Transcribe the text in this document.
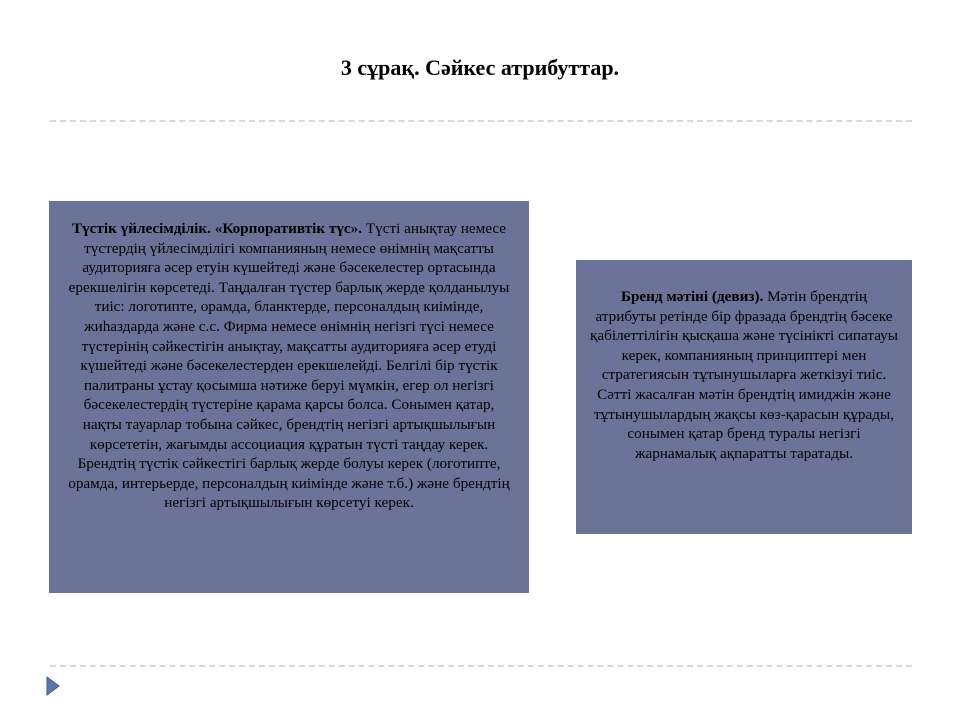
3 сұрақ. Сәйкес атрибуттар.

Түстік үйлесімділік. «Корпоративтік түс». Түсті анықтау немесе түстердің үйлесімділігі компанияның немесе өнімнің мақсатты аудиторияға әсер етуін күшейтеді және бәсекелестер ортасында ерекшелігін көрсетеді. Таңдалған түстер барлық жерде қолданылуы тиіс: логотипте, орамда, бланктерде, персоналдың киімінде, жиһаздарда және с.с. Фирма немесе өнімнің негізгі түсі немесе түстерінің сәйкестігін анықтау, мақсатты аудиторияға әсер етуді күшейтеді және бәсекелестерден ерекшелейді. Белгілі бір түстік палитраны ұстау қосымша нәтиже беруі мүмкін, егер ол негізгі бәсекелестердің түстеріне қарама қарсы болса. Сонымен қатар, нақты тауарлар тобына сәйкес, брендтің негізгі артықшылығын көрсететін, жағымды ассоциация құратын түсті таңдау керек. Брендтің түстік сәйкестігі барлық жерде болуы керек (логотипте, орамда, интерьерде, персоналдың киімінде және т.б.) және брендтің негізгі артықшылығын көрсетуі керек.

Бренд мәтіні (девиз). Мәтін брендтің атрибуты ретінде бір фразада брендтің бәсеке қабілеттілігін қысқаша және түсінікті сипатауы керек, компанияның принциптері мен стратегиясын тұтынушыларға жеткізуі тиіс. Сәтті жасалған мәтін брендтің имиджін және тұтынушылардың жақсы көз-қарасын құрады, сонымен қатар бренд туралы негізгі жарнамалық ақпаратты таратады.
